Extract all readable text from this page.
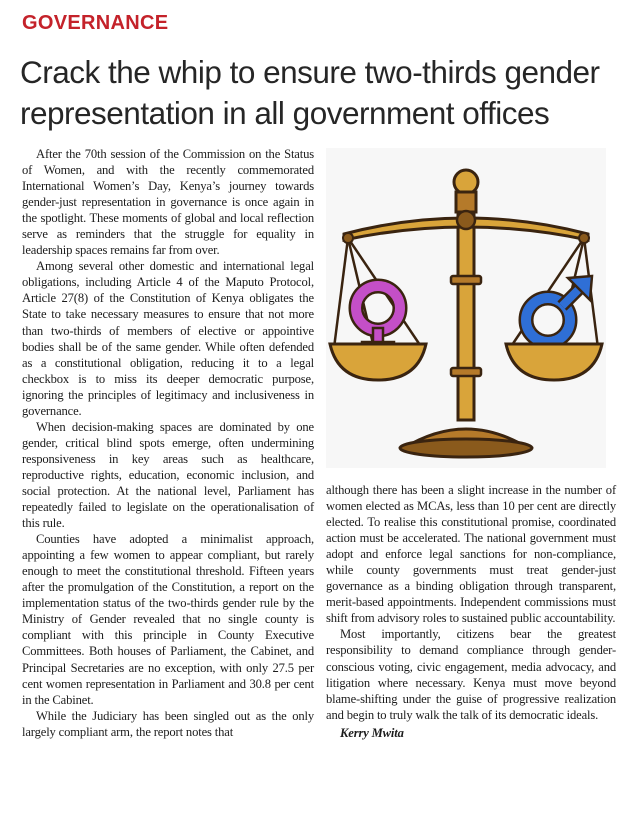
GOVERNANCE
Crack the whip to ensure two-thirds gender representation in all government offices

After the 70th session of the Commission on the Status of Women, and with the recently commemorated International Women’s Day, Kenya’s journey towards gender-just representation in governance is once again in the spotlight. These moments of global and local reflection serve as reminders that the struggle for equality in leadership spaces remains far from over.

Among several other domestic and international legal obligations, including Article 4 of the Maputo Protocol, Article 27(8) of the Constitution of Kenya obligates the State to take necessary measures to ensure that not more than two-thirds of members of elective or appointive bodies shall be of the same gender. While often defended as a constitutional obligation, reducing it to a legal checkbox is to miss its deeper democratic purpose, ignoring the principles of legitimacy and inclusiveness in governance.

When decision-making spaces are dominated by one gender, critical blind spots emerge, often undermining responsiveness in key areas such as healthcare, reproductive rights, education, economic inclusion, and social protection. At the national level, Parliament has repeatedly failed to legislate on the operationalisation of this rule.

Counties have adopted a minimalist approach, appointing a few women to appear compliant, but rarely enough to meet the constitutional threshold. Fifteen years after the promulgation of the Constitution, a report on the implementation status of the two-thirds gender rule by the Ministry of Gender revealed that no single county is compliant with this principle in County Executive Committees. Both houses of Parliament, the Cabinet, and Principal Secretaries are no exception, with only 27.5 per cent women representation in Parliament and 30.8 per cent in the Cabinet.

While the Judiciary has been singled out as the only largely compliant arm, the report notes that

although there has been a slight increase in the number of women elected as MCAs, less than 10 per cent are directly elected. To realise this constitutional promise, coordinated action must be accelerated. The national government must adopt and enforce legal sanctions for non-compliance, while county governments must treat gender-just governance as a binding obligation through transparent, merit-based appointments. Independent commissions must shift from advisory roles to sustained public accountability.

Most importantly, citizens bear the greatest responsibility to demand compliance through gender-conscious voting, civic engagement, media advocacy, and litigation where necessary. Kenya must move beyond blame-shifting under the guise of progressive realization and begin to truly walk the talk of its democratic ideals.

Kerry Mwita
